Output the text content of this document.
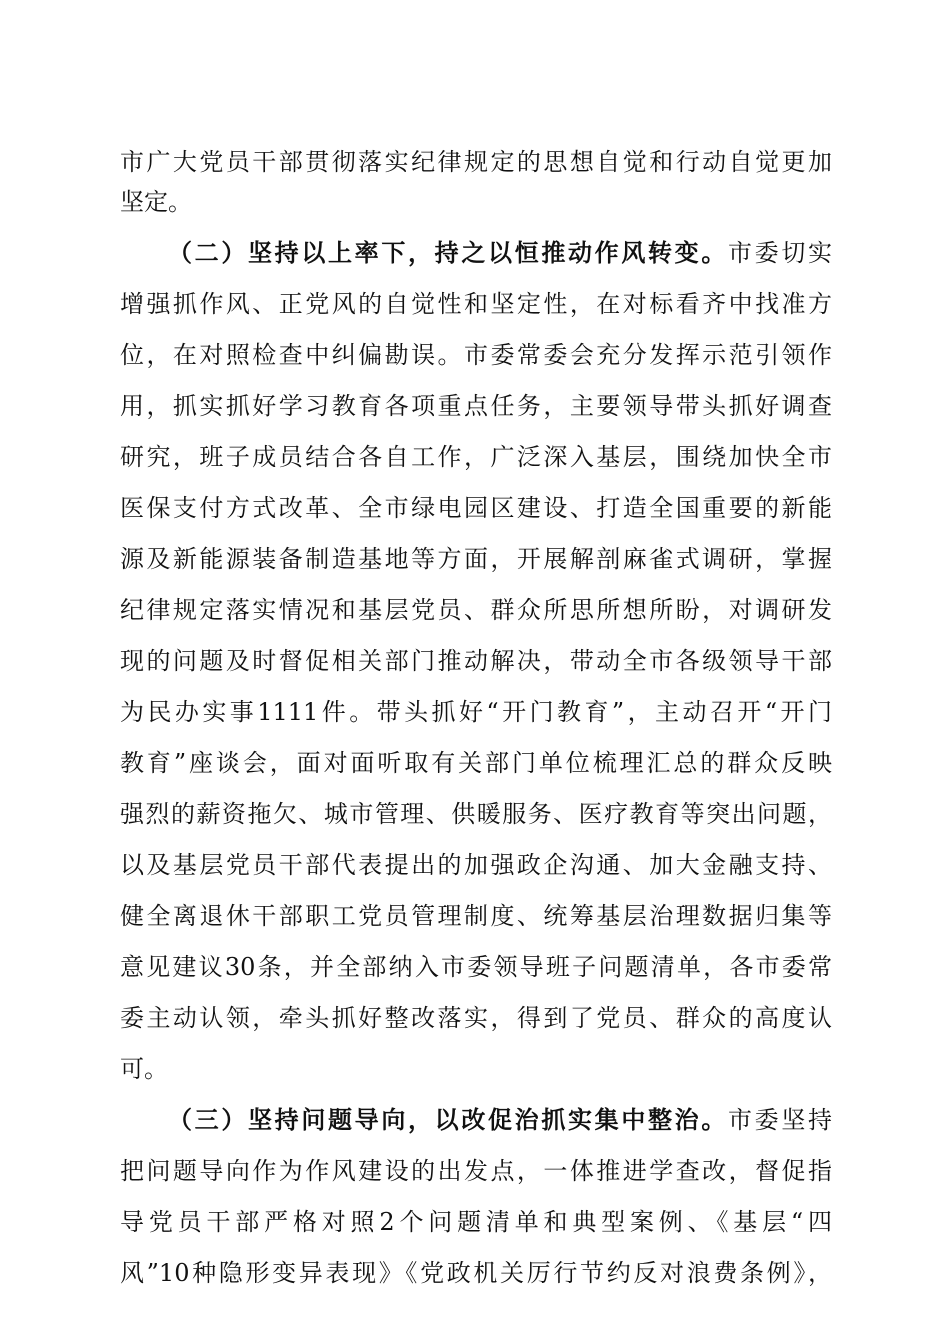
市广大党员干部贯彻落实纪律规定的思想自觉和行动自觉更加
坚定。
（二）坚持以上率下，持之以恒推动作风转变。市委切实
增强抓作风、正党风的自觉性和坚定性，在对标看齐中找准方
位，在对照检查中纠偏勘误。市委常委会充分发挥示范引领作
用，抓实抓好学习教育各项重点任务，主要领导带头抓好调查
研究，班子成员结合各自工作，广泛深入基层，围绕加快全市
医保支付方式改革、全市绿电园区建设、打造全国重要的新能
源及新能源装备制造基地等方面，开展解剖麻雀式调研，掌握
纪律规定落实情况和基层党员、群众所思所想所盼，对调研发
现的问题及时督促相关部门推动解决，带动全市各级领导干部
为民办实事1111件。带头抓好“开门教育”，主动召开“开门
教育”座谈会，面对面听取有关部门单位梳理汇总的群众反映
强烈的薪资拖欠、城市管理、供暖服务、医疗教育等突出问题，
以及基层党员干部代表提出的加强政企沟通、加大金融支持、
健全离退休干部职工党员管理制度、统筹基层治理数据归集等
意见建议30条，并全部纳入市委领导班子问题清单，各市委常
委主动认领，牵头抓好整改落实，得到了党员、群众的高度认
可。
（三）坚持问题导向，以改促治抓实集中整治。市委坚持
把问题导向作为作风建设的出发点，一体推进学查改，督促指
导党员干部严格对照2个问题清单和典型案例、《基层“四
风”10种隐形变异表现》《党政机关厉行节约反对浪费条例》，
